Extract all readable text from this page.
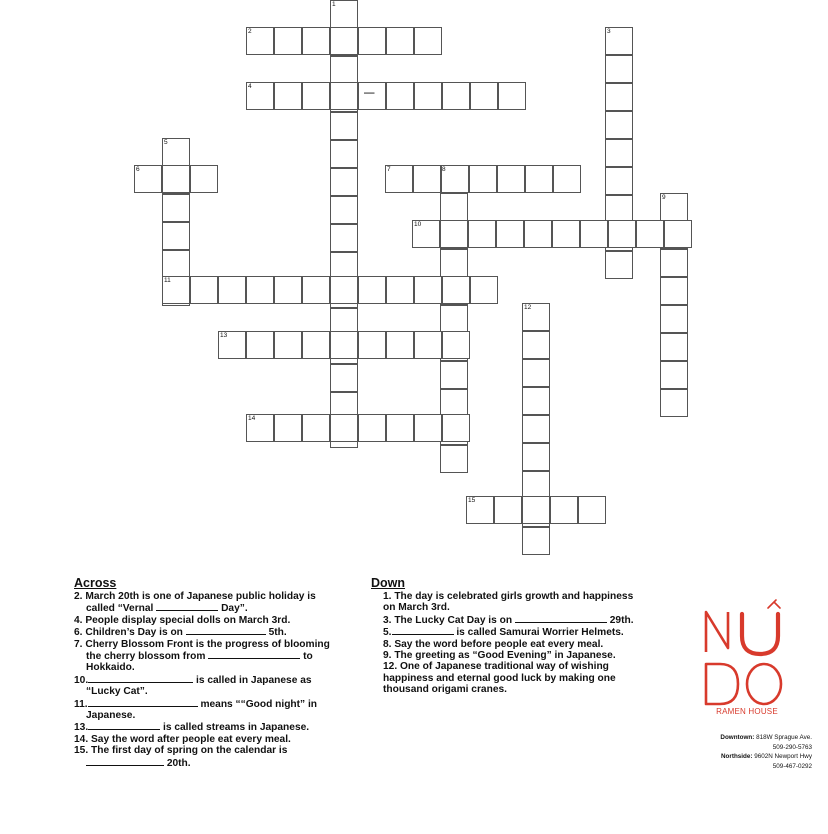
1
2	3
4
5
6	7	8
9
10
11
12
13
14
15
|
Across
2. March 20th is one of Japanese public holiday is
called “Vernal	Day”.
4. People display special dolls on March 3rd.
6. Children’s Day is on	5th.
7. Cherry Blossom Front is the progress of blooming
the cherry blossom from	to
Hokkaido.
10.	is called in Japanese as
“Lucky Cat”.
11.	means ““Good night” in
Japanese.
13.	is called streams in Japanese.
14. Say the word after people eat every meal.
15. The first day of spring on the calendar is
20th.
Down
1. The day is celebrated girls growth and happiness
on March 3rd.
3. The Lucky Cat Day is on	29th.
5.	is called Samurai Worrier Helmets.
8. Say the word before people eat every meal.
9. The greeting as “Good Evening” in Japanese.
12. One of Japanese traditional way of wishing
happiness and eternal good luck by making one
thousand origami cranes.
RAMEN HOUSE
Downtown: 818W Sprague Ave.
509-290-5763
Northside: 9602N Newport Hwy
509-467-0292
